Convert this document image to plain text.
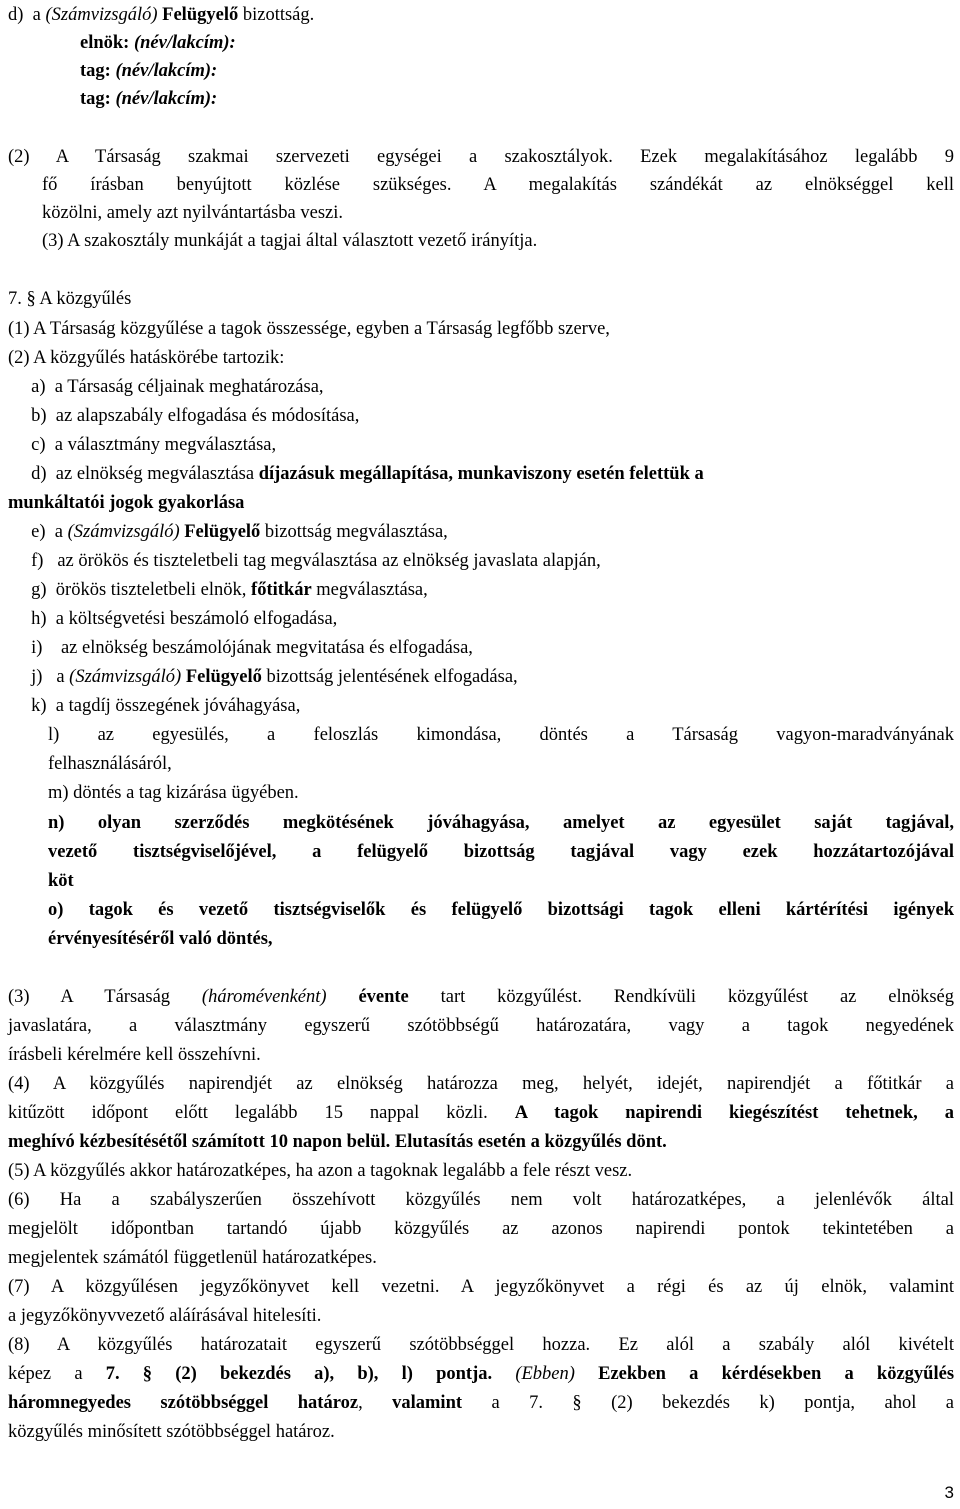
d) a (Számvizsgáló) Felügyelő bizottság.
elnök: (név/lakcím):
tag: (név/lakcím):
tag: (név/lakcím):
(2) A Társaság szakmai szervezeti egységei a szakosztályok. Ezek megalakításához legalább 9
fő írásban benyújtott közlése szükséges. A megalakítás szándékát az elnökséggel kell
közölni, amely azt nyilvántartásba veszi.
(3) A szakosztály munkáját a tagjai által választott vezető irányítja.
7. § A közgyűlés
(1) A Társaság közgyűlése a tagok összessége, egyben a Társaság legfőbb szerve,
(2) A közgyűlés hatáskörébe tartozik:
a) a Társaság céljainak meghatározása,
b) az alapszabály elfogadása és módosítása,
c) a választmány megválasztása,
d) az elnökség megválasztása díjazásuk megállapítása, munkaviszony esetén felettük a
munkáltatói jogok gyakorlása
e) a (Számvizsgáló) Felügyelő bizottság megválasztása,
f) az örökös és tiszteletbeli tag megválasztása az elnökség javaslata alapján,
g) örökös tiszteletbeli elnök, főtitkár megválasztása,
h) a költségvetési beszámoló elfogadása,
i) az elnökség beszámolójának megvitatása és elfogadása,
j) a (Számvizsgáló) Felügyelő bizottság jelentésének elfogadása,
k) a tagdíj összegének jóváhagyása,
l) az egyesülés, a feloszlás kimondása, döntés a Társaság vagyon-maradványának
felhasználásáról,
m) döntés a tag kizárása ügyében.
n) olyan szerződés megkötésének jóváhagyása, amelyet az egyesület saját tagjával,
vezető tisztségviselőjével, a felügyelő bizottság tagjával vagy ezek hozzátartozójával
köt
o) tagok és vezető tisztségviselők és felügyelő bizottsági tagok elleni kártérítési igények
érvényesítéséről való döntés,
(3) A Társaság (háromévenként) évente tart közgyűlést. Rendkívüli közgyűlést az elnökség
javaslatára, a választmány egyszerű szótöbbségű határozatára, vagy a tagok negyedének
írásbeli kérelmére kell összehívni.
(4) A közgyűlés napirendjét az elnökség határozza meg, helyét, idejét, napirendjét a főtitkár a
kitűzött időpont előtt legalább 15 nappal közli. A tagok napirendi kiegészítést tehetnek, a
meghívó kézbesítésétől számított 10 napon belül. Elutasítás esetén a közgyűlés dönt.
(5) A közgyűlés akkor határozatképes, ha azon a tagoknak legalább a fele részt vesz.
(6) Ha a szabályszerűen összehívott közgyűlés nem volt határozatképes, a jelenlévők által
megjelölt időpontban tartandó újabb közgyűlés az azonos napirendi pontok tekintetében a
megjelentek számától függetlenül határozatképes.
(7) A közgyűlésen jegyzőkönyvet kell vezetni. A jegyzőkönyvet a régi és az új elnök, valamint
a jegyzőkönyvvezető aláírásával hitelesíti.
(8) A közgyűlés határozatait egyszerű szótöbbséggel hozza. Ez alól a szabály alól kivételt
képez a 7. § (2) bekezdés a), b), l) pontja. (Ebben) Ezekben a kérdésekben a közgyűlés
háromnegyedes szótöbbséggel határoz, valamint a 7. § (2) bekezdés k) pontja, ahol a
közgyűlés minősített szótöbbséggel határoz.
3
